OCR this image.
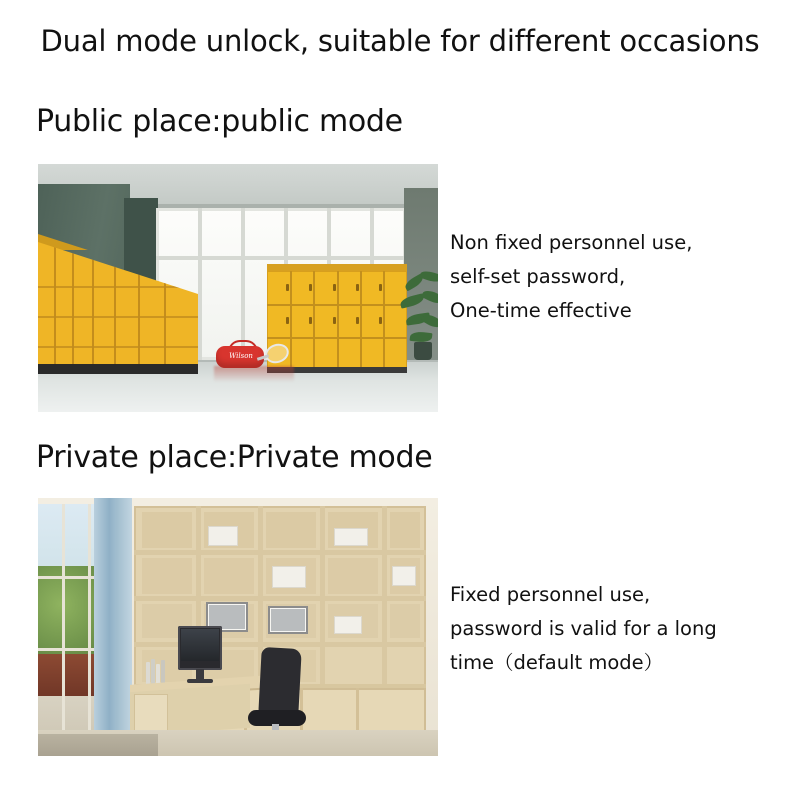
Dual mode unlock, suitable for different occasions
Public place:public mode
Wilson
Non fixed personnel use,
self-set password,
One-time effective
Private place:Private mode
Fixed personnel use,
password is valid for a long
time（default mode）
